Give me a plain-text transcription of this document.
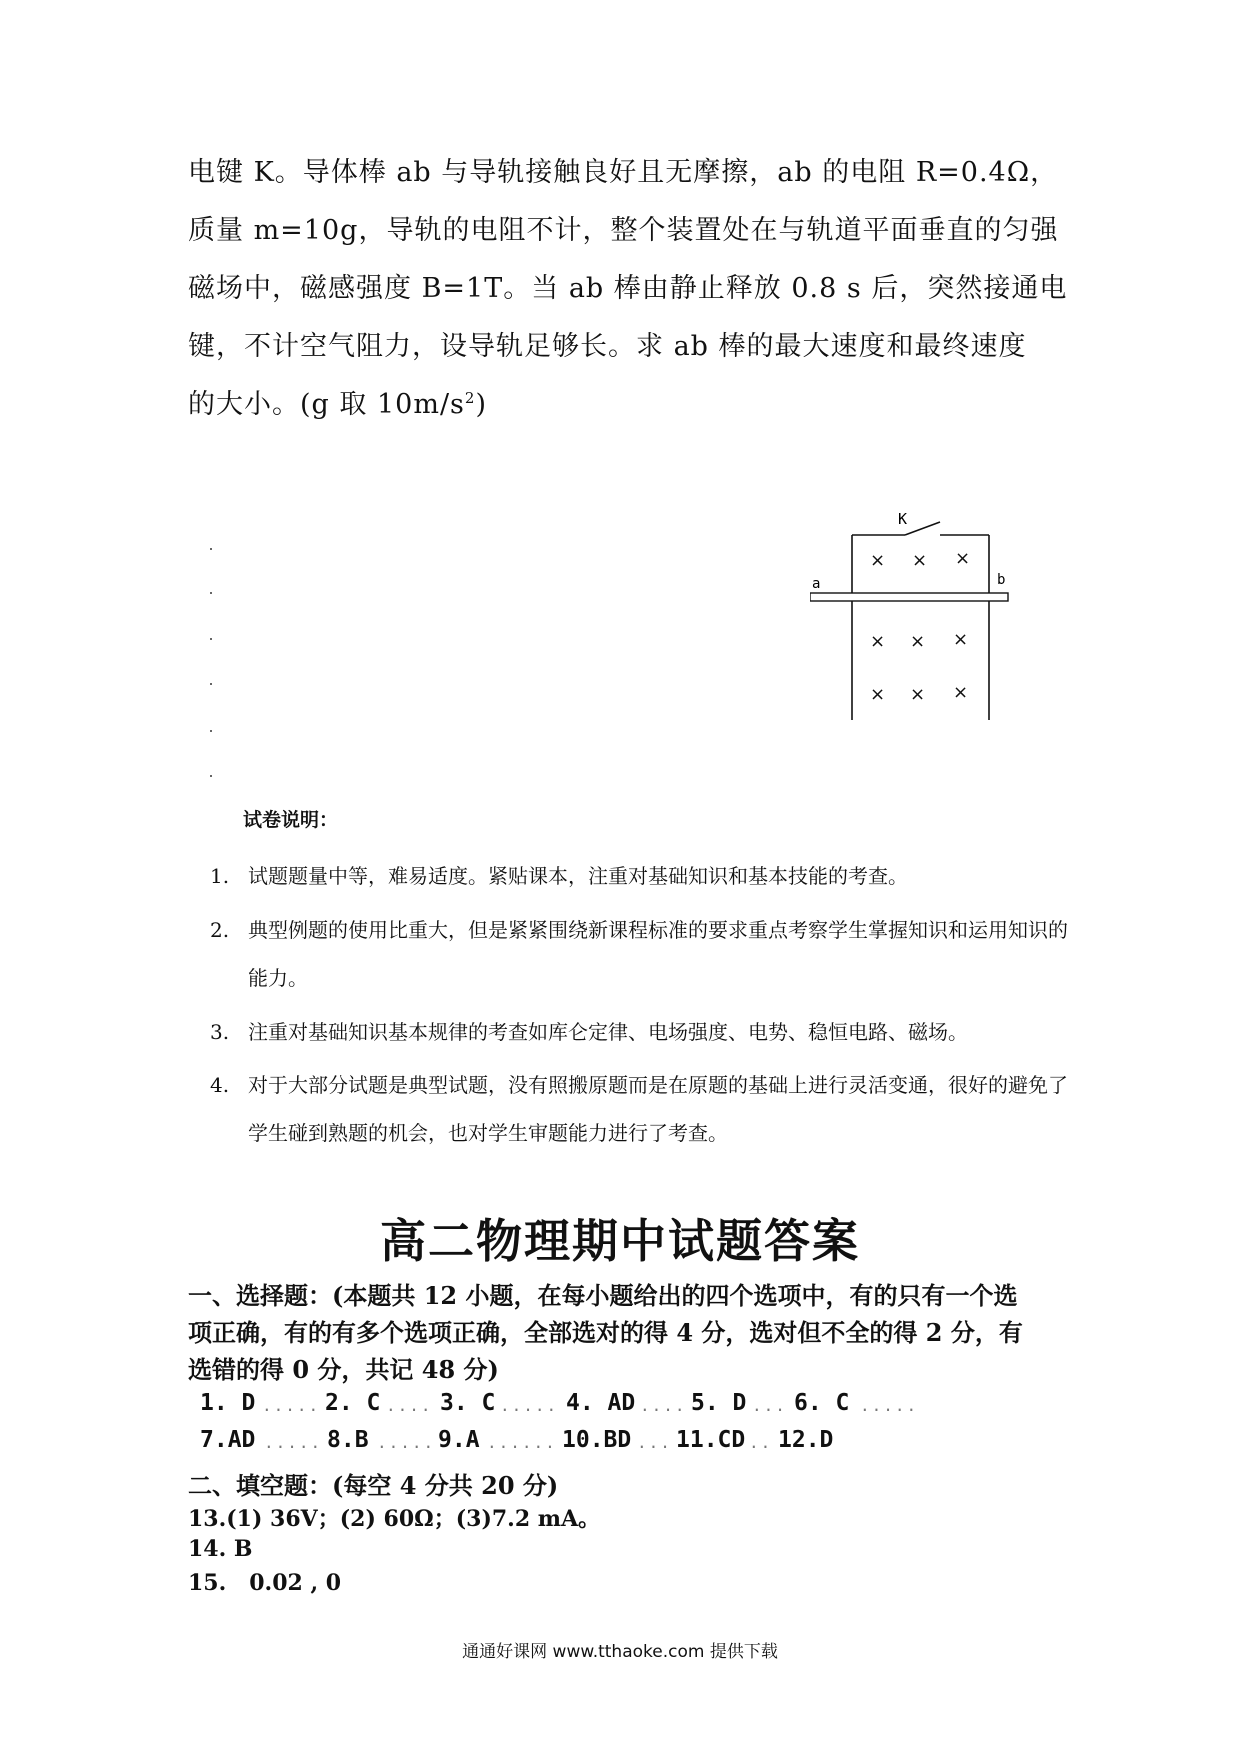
电键 K。导体棒 ab 与导轨接触良好且无摩擦，ab 的电阻 R=0.4Ω，
质量 m=10g，导轨的电阻不计，整个装置处在与轨道平面垂直的匀强
磁场中，磁感强度 B=1T。当 ab 棒由静止释放 0.8 s 后，突然接通电
键，不计空气阻力，设导轨足够长。求 ab 棒的最大速度和最终速度
的大小。(g 取 $10m/s^2$)
K
a	b
× × ×
× × ×
× × ×
试卷说明：
1. 试题题量中等，难易适度。紧贴课本，注重对基础知识和基本技能的考查。
2. 典型例题的使用比重大，但是紧紧围绕新课程标准的要求重点考察学生掌握知识和运用知识的能力。
3. 注重对基础知识基本规律的考查如库仑定律、电场强度、电势、稳恒电路、磁场。
4. 对于大部分试题是典型试题，没有照搬原题而是在原题的基础上进行灵活变通，很好的避免了学生碰到熟题的机会，也对学生审题能力进行了考查。
高二物理期中试题答案
一、选择题：(本题共 12 小题，在每小题给出的四个选项中，有的只有一个选
项正确，有的有多个选项正确，全部选对的得 4 分，选对但不全的得 2 分，有
选错的得 0 分，共记 48 分)
1. D ..... 2. C .... 3. C ..... 4. AD .... 5. D ... 6. C .....
7.AD ..... 8.B ..... 9.A ...... 10.BD ... 11.CD .. 12.D
二、填空题：(每空 4 分共 20 分)
13.(1) 36V；(2) 60Ω；(3)7.2 mA。
14. B
15.   0.02 , 0
通通好课网 www.tthaoke.com 提供下载
